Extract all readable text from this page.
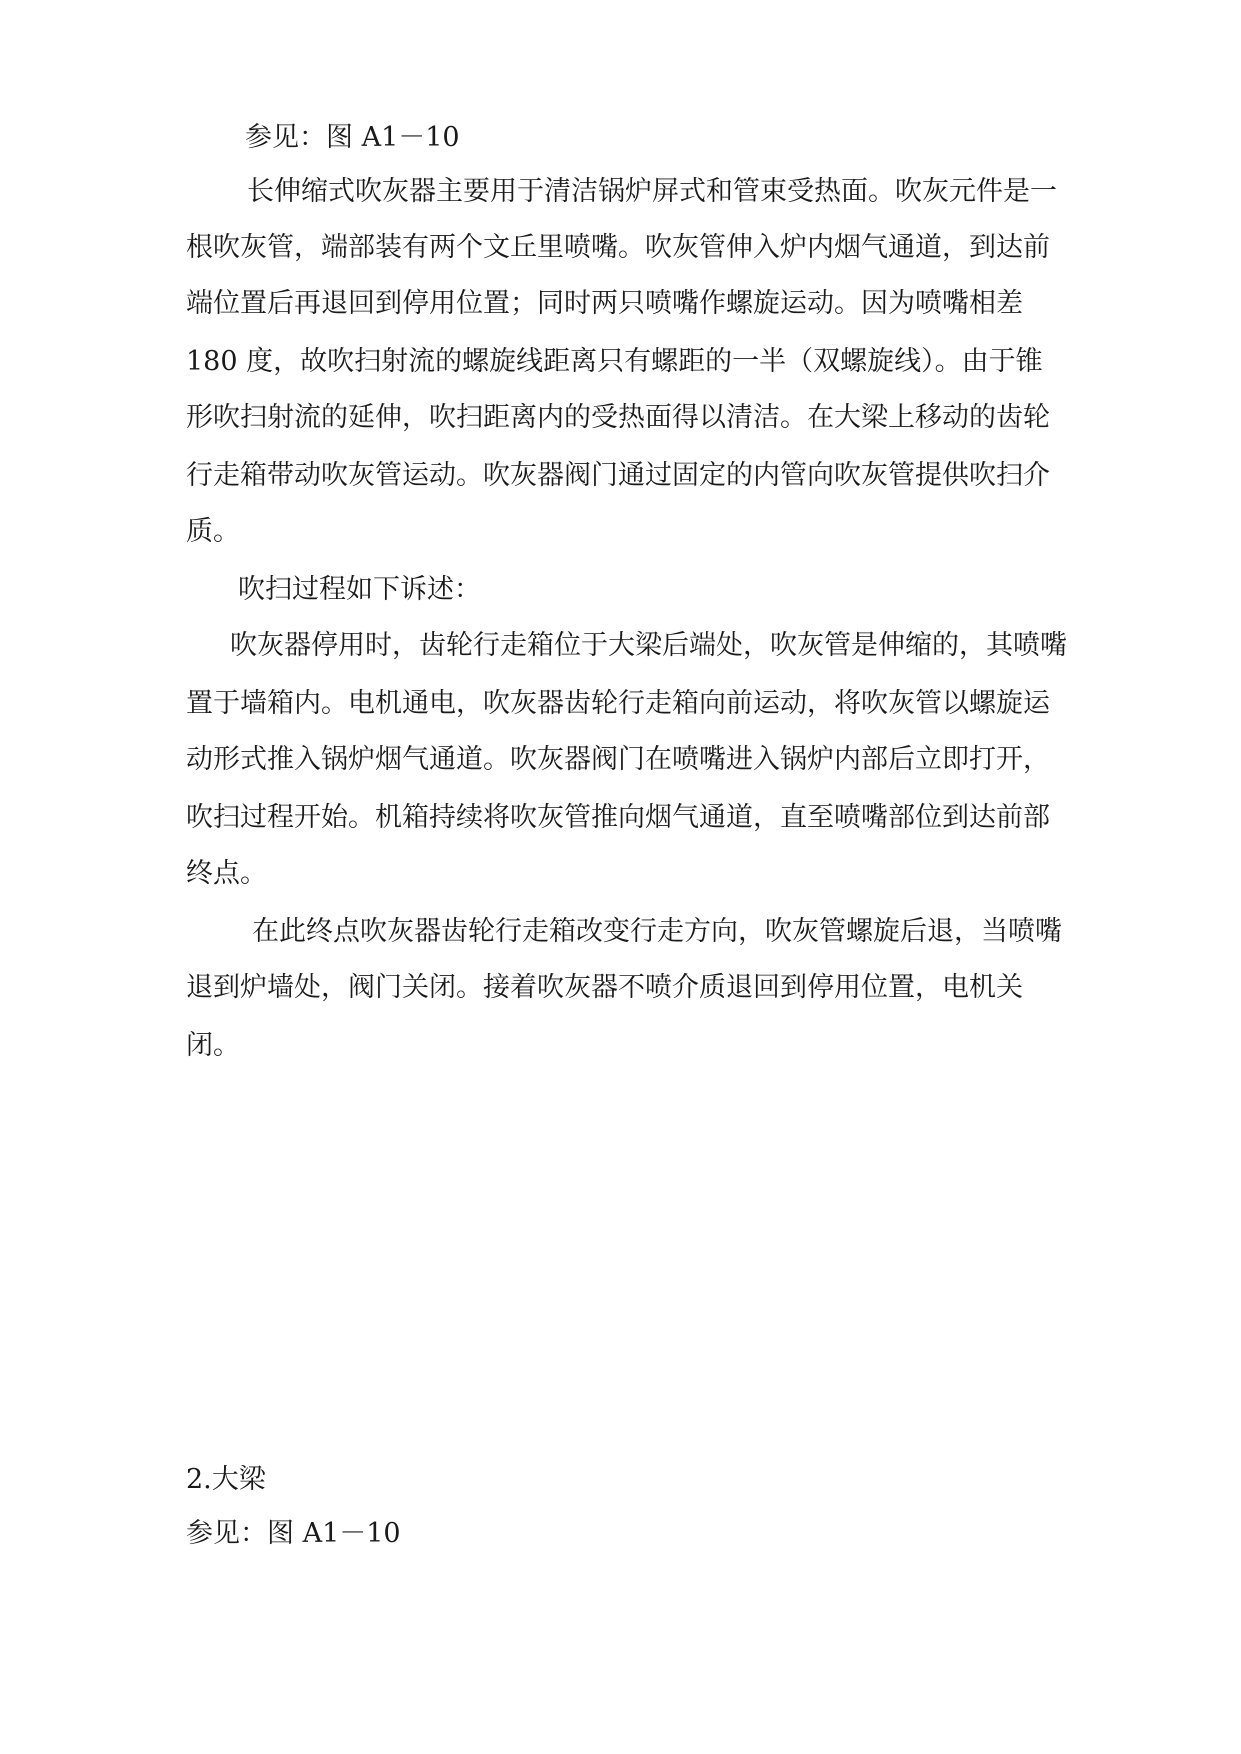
参见：图 A1－10
长伸缩式吹灰器主要用于清洁锅炉屏式和管束受热面。吹灰元件是一
根吹灰管，端部装有两个文丘里喷嘴。吹灰管伸入炉内烟气通道，到达前
端位置后再退回到停用位置；同时两只喷嘴作螺旋运动。因为喷嘴相差
180 度，故吹扫射流的螺旋线距离只有螺距的一半（双螺旋线）。由于锥
形吹扫射流的延伸，吹扫距离内的受热面得以清洁。在大梁上移动的齿轮
行走箱带动吹灰管运动。吹灰器阀门通过固定的内管向吹灰管提供吹扫介
质。
吹扫过程如下诉述：
吹灰器停用时，齿轮行走箱位于大梁后端处，吹灰管是伸缩的，其喷嘴
置于墙箱内。电机通电，吹灰器齿轮行走箱向前运动，将吹灰管以螺旋运
动形式推入锅炉烟气通道。吹灰器阀门在喷嘴进入锅炉内部后立即打开，
吹扫过程开始。机箱持续将吹灰管推向烟气通道，直至喷嘴部位到达前部
终点。
在此终点吹灰器齿轮行走箱改变行走方向，吹灰管螺旋后退，当喷嘴
退到炉墙处，阀门关闭。接着吹灰器不喷介质退回到停用位置，电机关
闭。
2.大梁
参见：图 A1－10
